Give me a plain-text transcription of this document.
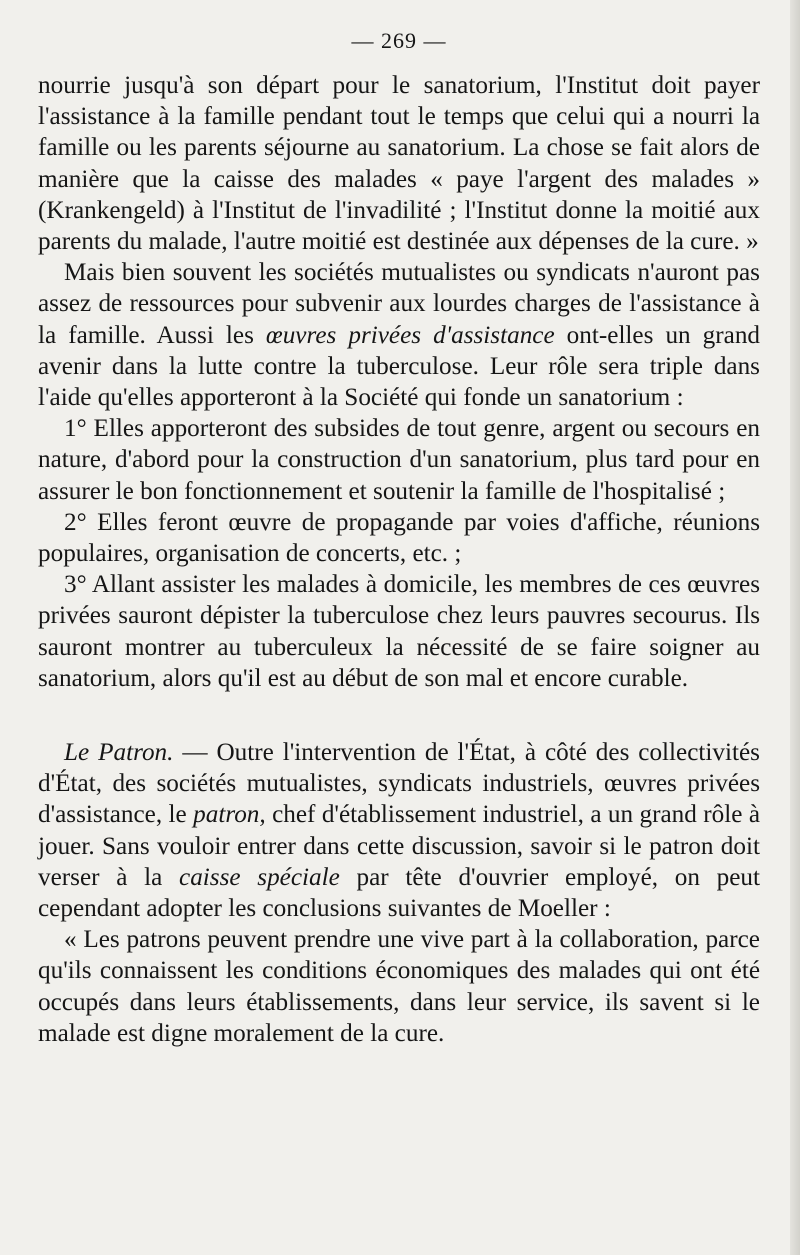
— 269 —

nourrie jusqu'à son départ pour le sanatorium, l'Institut doit payer l'assistance à la famille pendant tout le temps que celui qui a nourri la famille ou les parents séjourne au sanatorium. La chose se fait alors de manière que la caisse des malades « paye l'argent des malades » (Krankengeld) à l'Institut de l'invadilité ; l'Institut donne la moitié aux parents du malade, l'autre moitié est destinée aux dépenses de la cure. »

Mais bien souvent les sociétés mutualistes ou syndicats n'auront pas assez de ressources pour subvenir aux lourdes charges de l'assistance à la famille. Aussi les œuvres privées d'assistance ont-elles un grand avenir dans la lutte contre la tuberculose. Leur rôle sera triple dans l'aide qu'elles apporteront à la Société qui fonde un sanatorium :

1° Elles apporteront des subsides de tout genre, argent ou secours en nature, d'abord pour la construction d'un sanatorium, plus tard pour en assurer le bon fonctionnement et soutenir la famille de l'hospitalisé ;

2° Elles feront œuvre de propagande par voies d'affiche, réunions populaires, organisation de concerts, etc. ;

3° Allant assister les malades à domicile, les membres de ces œuvres privées sauront dépister la tuberculose chez leurs pauvres secourus. Ils sauront montrer au tuberculeux la nécessité de se faire soigner au sanatorium, alors qu'il est au début de son mal et encore curable.

Le Patron. — Outre l'intervention de l'État, à côté des collectivités d'État, des sociétés mutualistes, syndicats industriels, œuvres privées d'assistance, le patron, chef d'établissement industriel, a un grand rôle à jouer. Sans vouloir entrer dans cette discussion, savoir si le patron doit verser à la caisse spéciale par tête d'ouvrier employé, on peut cependant adopter les conclusions suivantes de Moeller :

« Les patrons peuvent prendre une vive part à la collaboration, parce qu'ils connaissent les conditions économiques des malades qui ont été occupés dans leurs établissements, dans leur service, ils savent si le malade est digne moralement de la cure.
